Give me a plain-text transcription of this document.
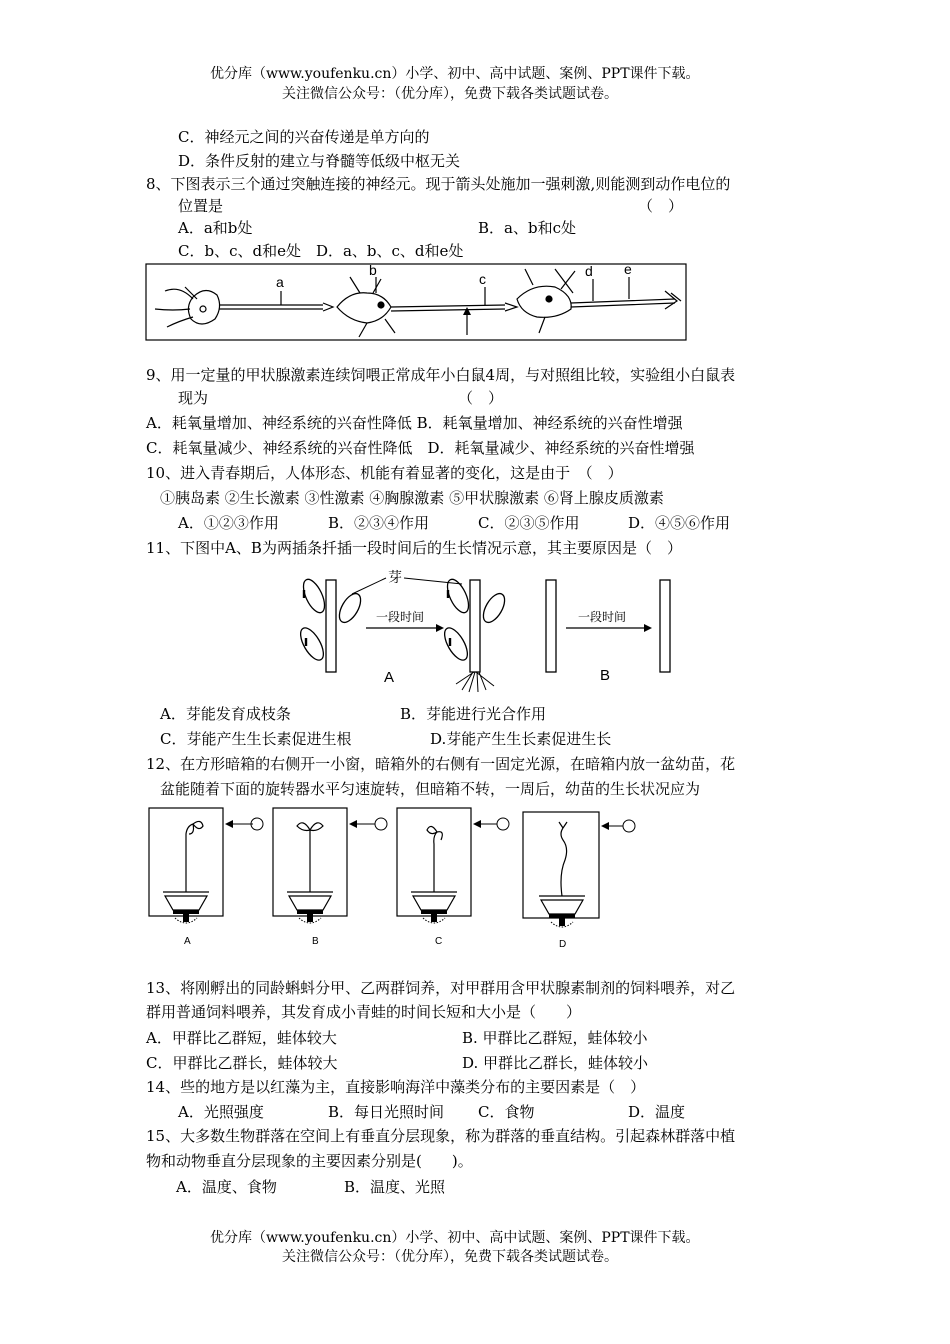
优分库（www.youfenku.cn）小学、初中、高中试题、案例、PPT课件下载。
关注微信公众号：（优分库），免费下载各类试题试卷。
C．神经元之间的兴奋传递是单方向的
D．条件反射的建立与脊髓等低级中枢无关
8、下图表示三个通过突触连接的神经元。现于箭头处施加一强刺激,则能测到动作电位的
位置是	（　）
A．a和b处	B．a、b和c处
C．b、c、d和e处　D．a、b、c、d和e处
a
b
c	d e
9、用一定量的甲状腺激素连续饲喂正常成年小白鼠4周，与对照组比较，实验组小白鼠表
现为	（　）
A．耗氧量增加、神经系统的兴奋性降低 B．耗氧量增加、神经系统的兴奋性增强
C．耗氧量减少、神经系统的兴奋性降低　D．耗氧量减少、神经系统的兴奋性增强
10、进入青春期后，人体形态、机能有着显著的变化，这是由于　（　）
①胰岛素 ②生长激素 ③性激素 ④胸腺激素 ⑤甲状腺激素 ⑥肾上腺皮质激素
A．①②③作用	B．②③④作用	C．②③⑤作用	D．④⑤⑥作用
11、下图中A、B为两插条扦插一段时间后的生长情况示意，其主要原因是（　）
一段时间
芽
一段时间
A	B
A．芽能发育成枝条	B．芽能进行光合作用
C．芽能产生生长素促进生根	D.芽能产生生长素促进生长
12、在方形暗箱的右侧开一小窗，暗箱外的右侧有一固定光源，在暗箱内放一盆幼苗，花
盆能随着下面的旋转器水平匀速旋转，但暗箱不转，一周后，幼苗的生长状况应为
A	B	C	D
13、将刚孵出的同龄蝌蚪分甲、乙两群饲养，对甲群用含甲状腺素制剂的饲料喂养，对乙
群用普通饲料喂养，其发育成小青蛙的时间长短和大小是（　　）
A．甲群比乙群短，蛙体较大	B. 甲群比乙群短，蛙体较小
C．甲群比乙群长，蛙体较大	D. 甲群比乙群长，蛙体较小
14、些的地方是以红藻为主，直接影响海洋中藻类分布的主要因素是（　）
A．光照强度	B．每日光照时间 C．食物	D．温度
15、大多数生物群落在空间上有垂直分层现象，称为群落的垂直结构。引起森林群落中植
物和动物垂直分层现象的主要因素分别是(　　)。
A．温度、食物	B．温度、光照
优分库（www.youfenku.cn）小学、初中、高中试题、案例、PPT课件下载。
关注微信公众号：（优分库），免费下载各类试题试卷。
